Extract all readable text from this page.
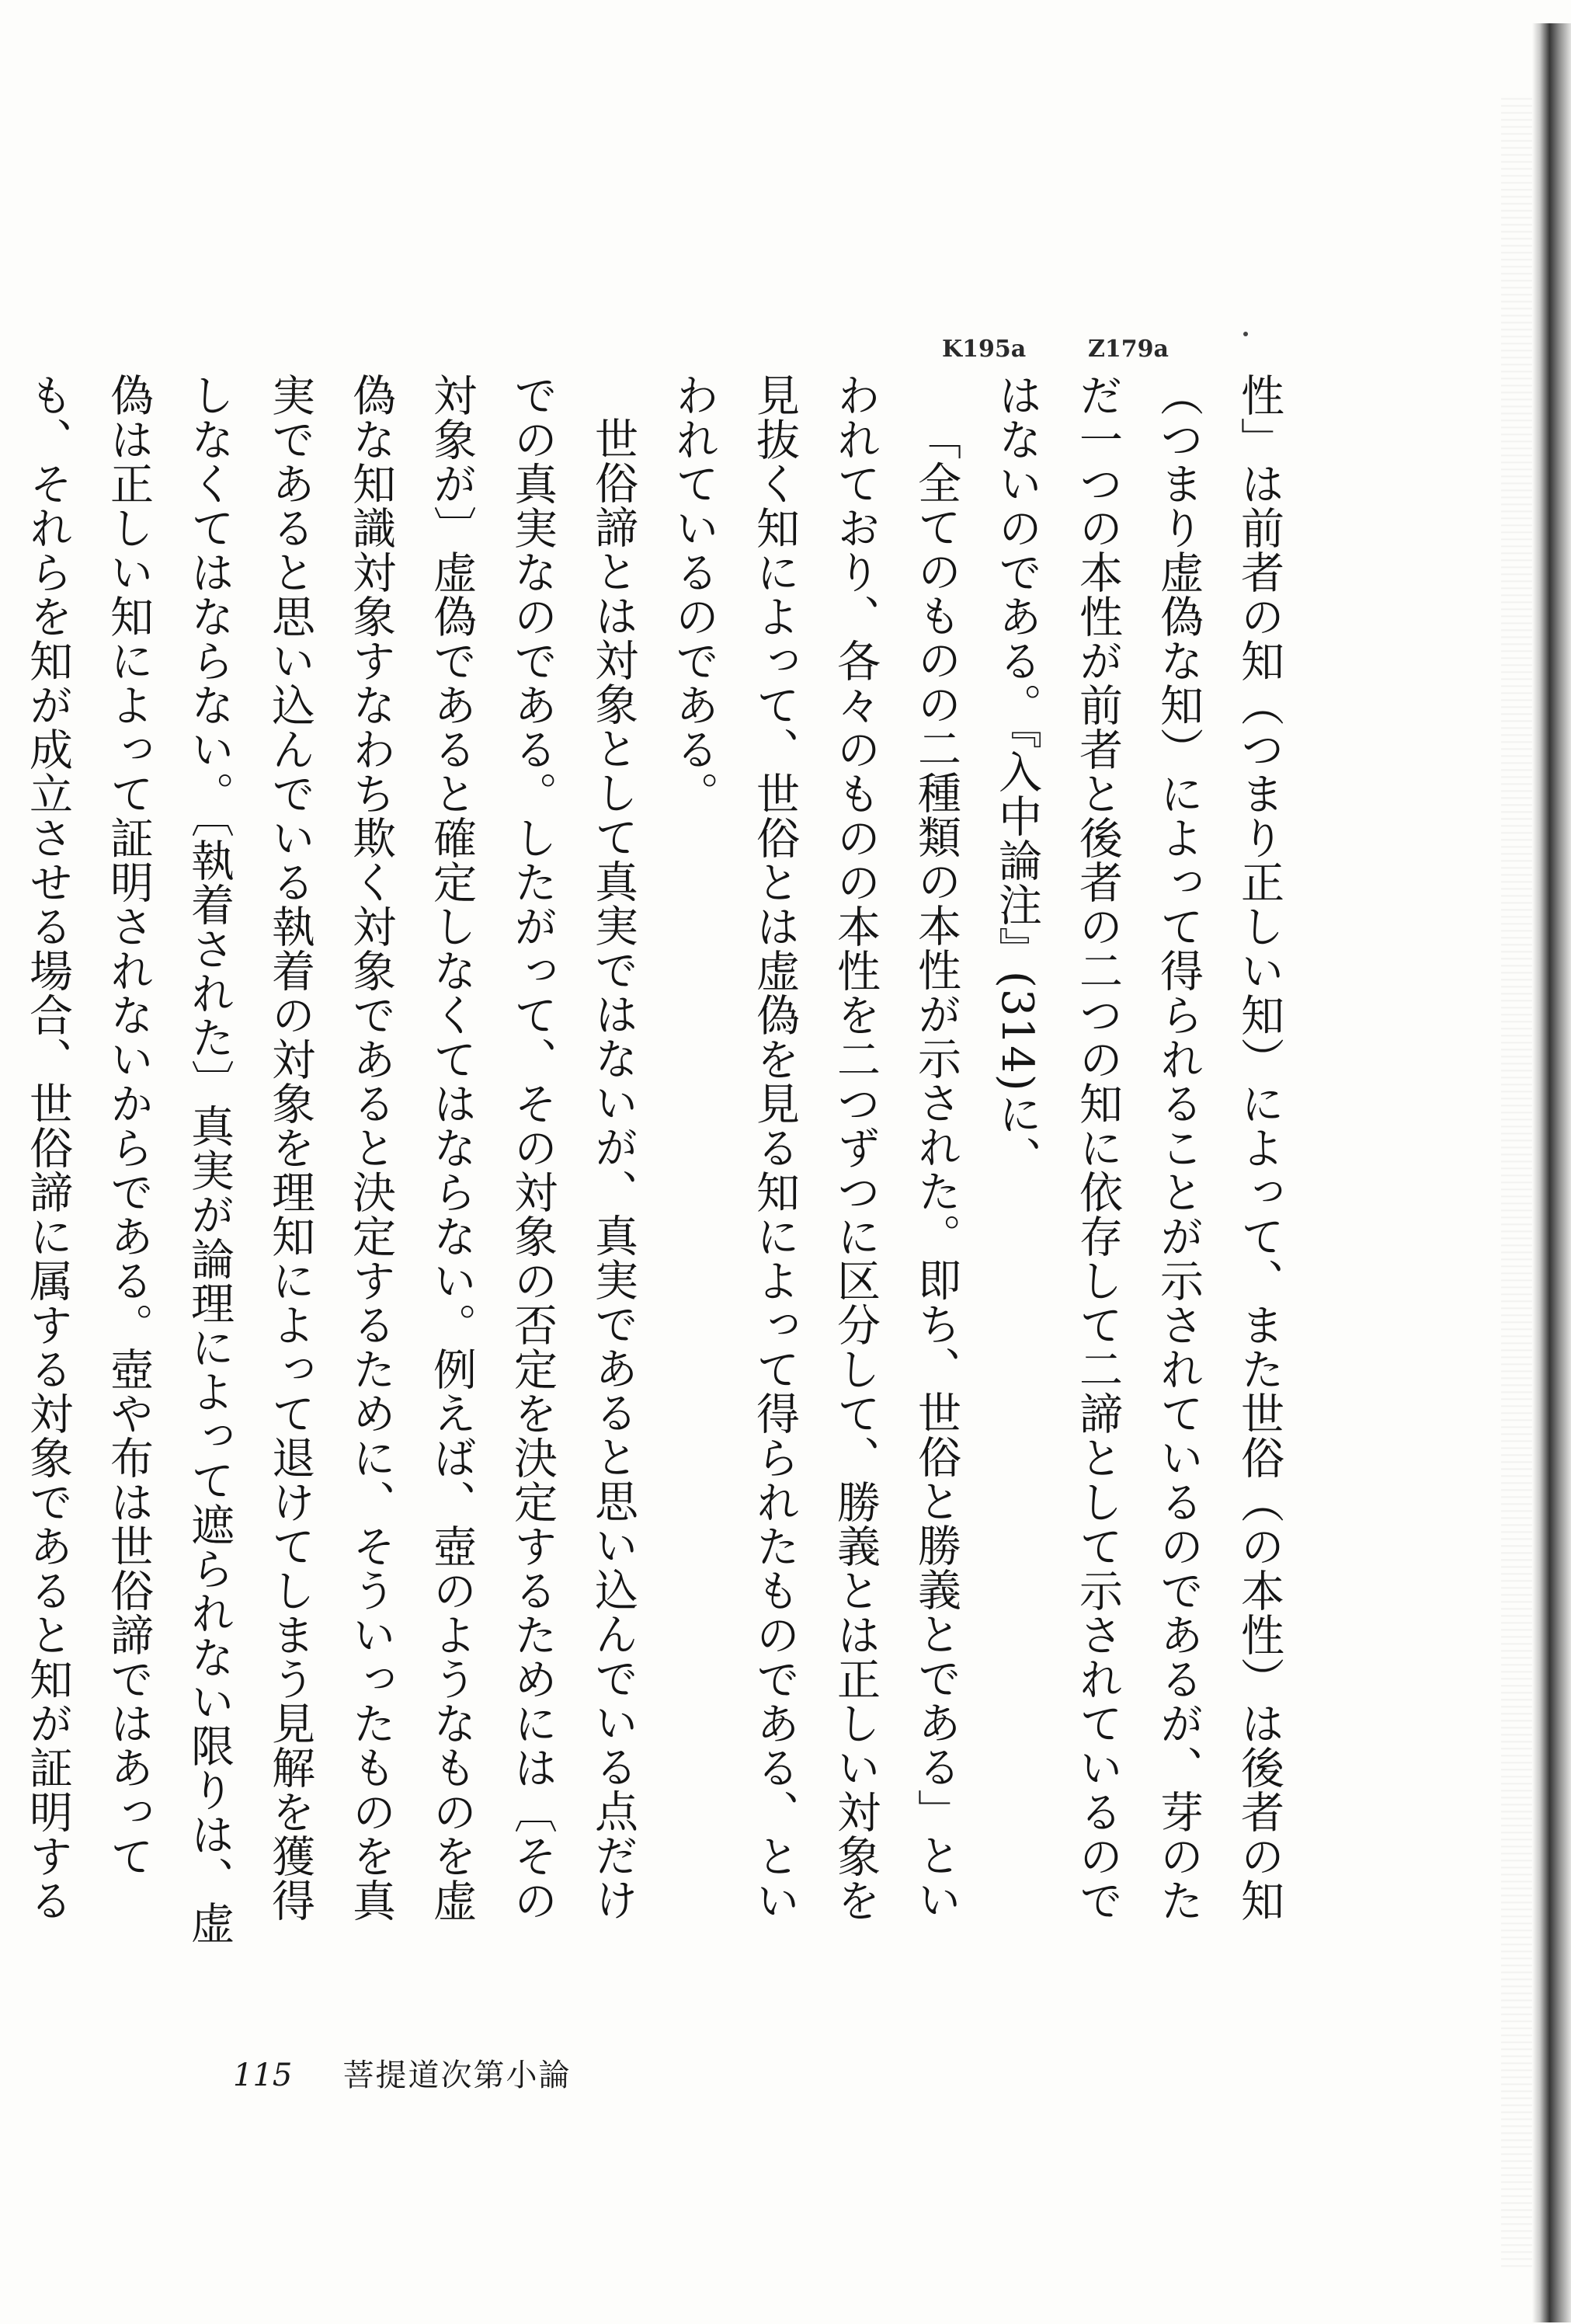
K195a	Z179a

性」は前者の知（つまり正しい知）によって、また世俗（の本性）は後者の知（つまり虚偽な知）によって得られることが示されているのであるが、芽のただ一つの本性が前者と後者の二つの知に依存して二諦として示されているのではないのである。『入中論注』(314)に、

「全てのものの二種類の本性が示された。即ち、世俗と勝義とである」といわれており、各々のものの本性を二つずつに区分して、勝義とは正しい対象を見抜く知によって、世俗とは虚偽を見る知によって得られたものである、といわれているのである。

世俗諦とは対象として真実ではないが、真実であると思い込んでいる点だけでの真実なのである。したがって、その対象の否定を決定するためには〔その対象が〕虚偽であると確定しなくてはならない。例えば、壺のようなものを虚偽な知識対象すなわち欺く対象であると決定するために、そういったものを真実であると思い込んでいる執着の対象を理知によって退けてしまう見解を獲得しなくてはならない。〔執着された〕真実が論理によって遮られない限りは、虚偽は正しい知によって証明されないからである。壺や布は世俗諦ではあっても、それらを知が成立させる場合、世俗諦に属する対象であると知が証明する

115 菩提道次第小論
